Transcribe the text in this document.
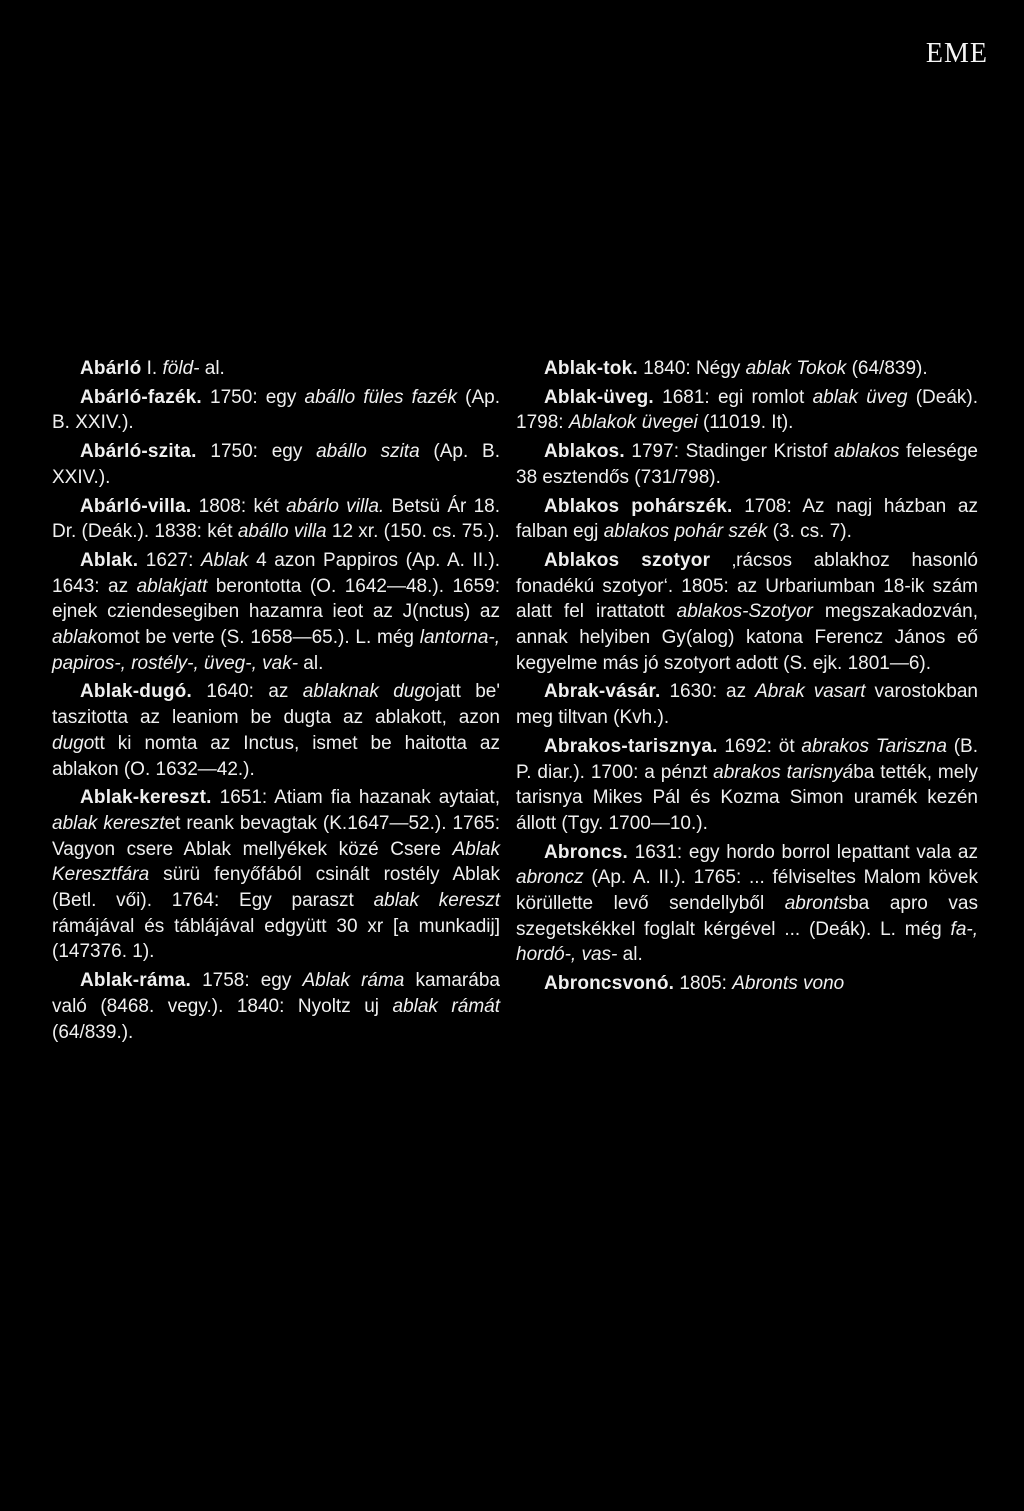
EME

Abárló I. föld- al.

Abárló-fazék. 1750: egy abállo füles fazék (Ap. B. XXIV.).

Abárló-szita. 1750: egy abállo szita (Ap. B. XXIV.).

Abárló-villa. 1808: két abárlo villa. Betsü Ár 18. Dr. (Deák.). 1838: két abállo villa 12 xr. (150. cs. 75.).

Ablak. 1627: Ablak 4 azon Pappiros (Ap. A. II.). 1643: az ablakjatt berontotta (O. 1642—48.). 1659: ejnek cziendesegiben hazamra ieot az J(nctus) az ablakomot be verte (S. 1658—65.). L. még lantorna-, papiros-, rostély-, üveg-, vak- al.

Ablak-dugó. 1640: az ablaknak dugojatt be' taszitotta az leaniom be dugta az ablakott, azon dugott ki nomta az Inctus, ismet be haitotta az ablakon (O. 1632—42.).

Ablak-kereszt. 1651: Atiam fia hazanak aytaiat, ablak keresztet reank bevagtak (K.1647—52.). 1765: Vagyon csere Ablak mellyékek közé Csere Ablak Keresztfára sürü fenyőfából csinált rostély Ablak (Betl. vői). 1764: Egy paraszt ablak kereszt rámájával és táblájával edgyütt 30 xr [a munkadij] (147376. 1).

Ablak-ráma. 1758: egy Ablak ráma kamarába való (8468. vegy.). 1840: Nyoltz uj ablak rámát (64/839.).

Ablak-tok. 1840: Négy ablak Tokok (64/839).

Ablak-üveg. 1681: egi romlot ablak üveg (Deák). 1798: Ablakok üvegei (11019. It).

Ablakos. 1797: Stadinger Kristof ablakos felesége 38 esztendős (731/798).

Ablakos pohárszék. 1708: Az nagj házban az falban egj ablakos pohár szék (3. cs. 7).

Ablakos szotyor ‚rácsos ablakhoz hasonló fonadékú szotyor‘. 1805: az Urbariumban 18-ik szám alatt fel irattatott ablakos-Szotyor megszakadozván, annak helyiben Gy(alog) katona Ferencz János eő kegyelme más jó szotyort adott (S. ejk. 1801—6).

Abrak-vásár. 1630: az Abrak vasart varostokban meg tiltvan (Kvh.).

Abrakos-tarisznya. 1692: öt abrakos Tarisznа (B. P. diar.). 1700: a pénzt abrakos tarisnyába tették, mely tarisnya Mikes Pál és Kozma Simon uramék kezén állott (Tgy. 1700—10.).

Abroncs. 1631: egy hordo borrol lepattant vala az abroncz (Ap. A. II.). 1765: ... félviseltes Malom kövek körüllette levő sendellyből abrontsba apro vas szegetskékkel foglalt kérgével ... (Deák). L. még fa-, hordó-, vas- al.

Abroncsvonó. 1805: Abronts vono
